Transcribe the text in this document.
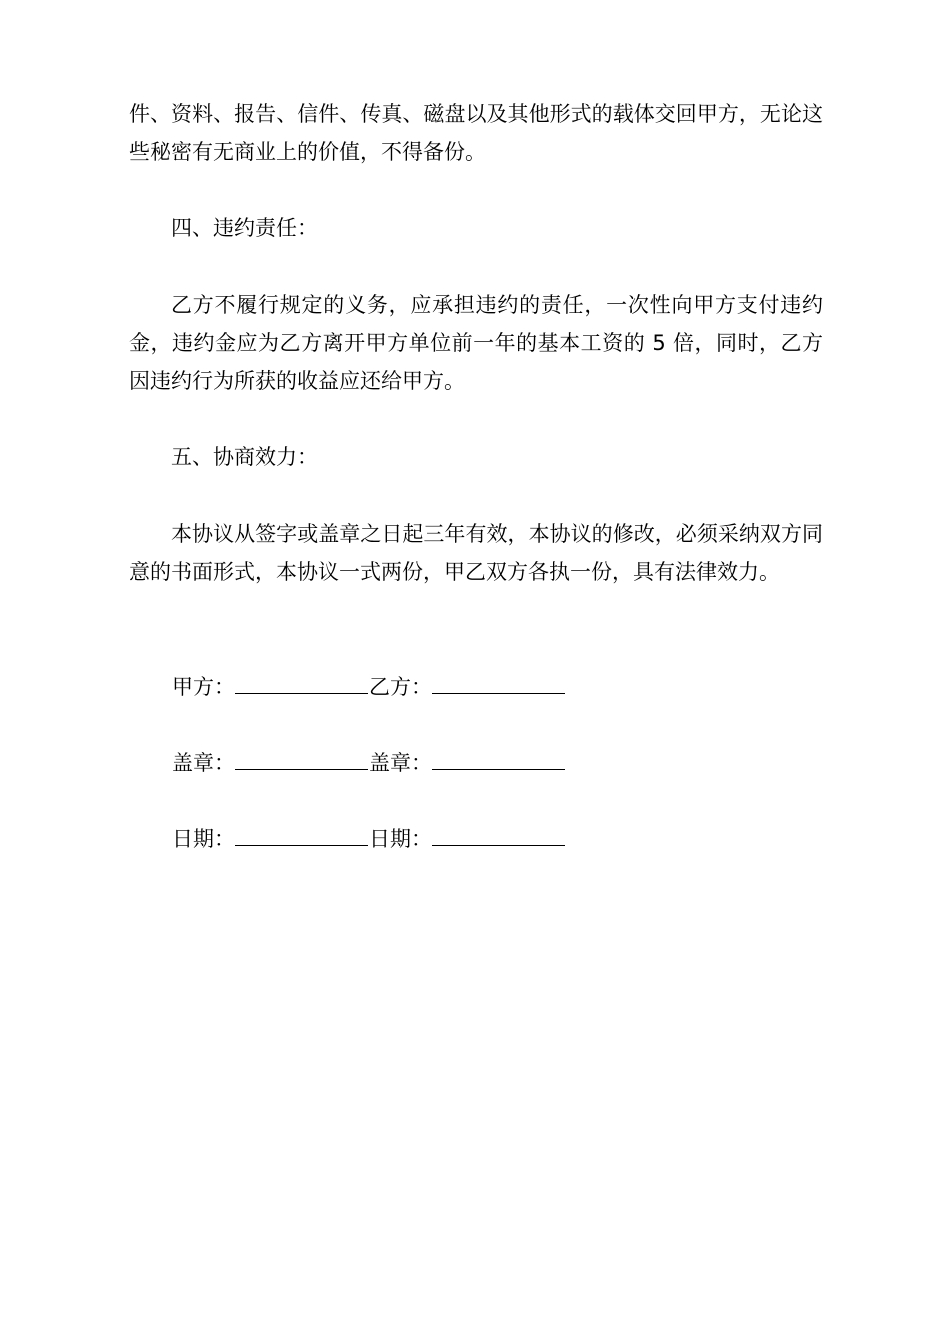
件、资料、报告、信件、传真、磁盘以及其他形式的载体交回甲方，无论这些秘密有无商业上的价值，不得备份。

四、违约责任：

乙方不履行规定的义务，应承担违约的责任，一次性向甲方支付违约金，违约金应为乙方离开甲方单位前一年的基本工资的 5 倍，同时，乙方因违约行为所获的收益应还给甲方。

五、协商效力：

本协议从签字或盖章之日起三年有效，本协议的修改，必须采纳双方同意的书面形式，本协议一式两份，甲乙双方各执一份，具有法律效力。

甲方：	乙方：
盖章：	盖章：
日期：	日期：
